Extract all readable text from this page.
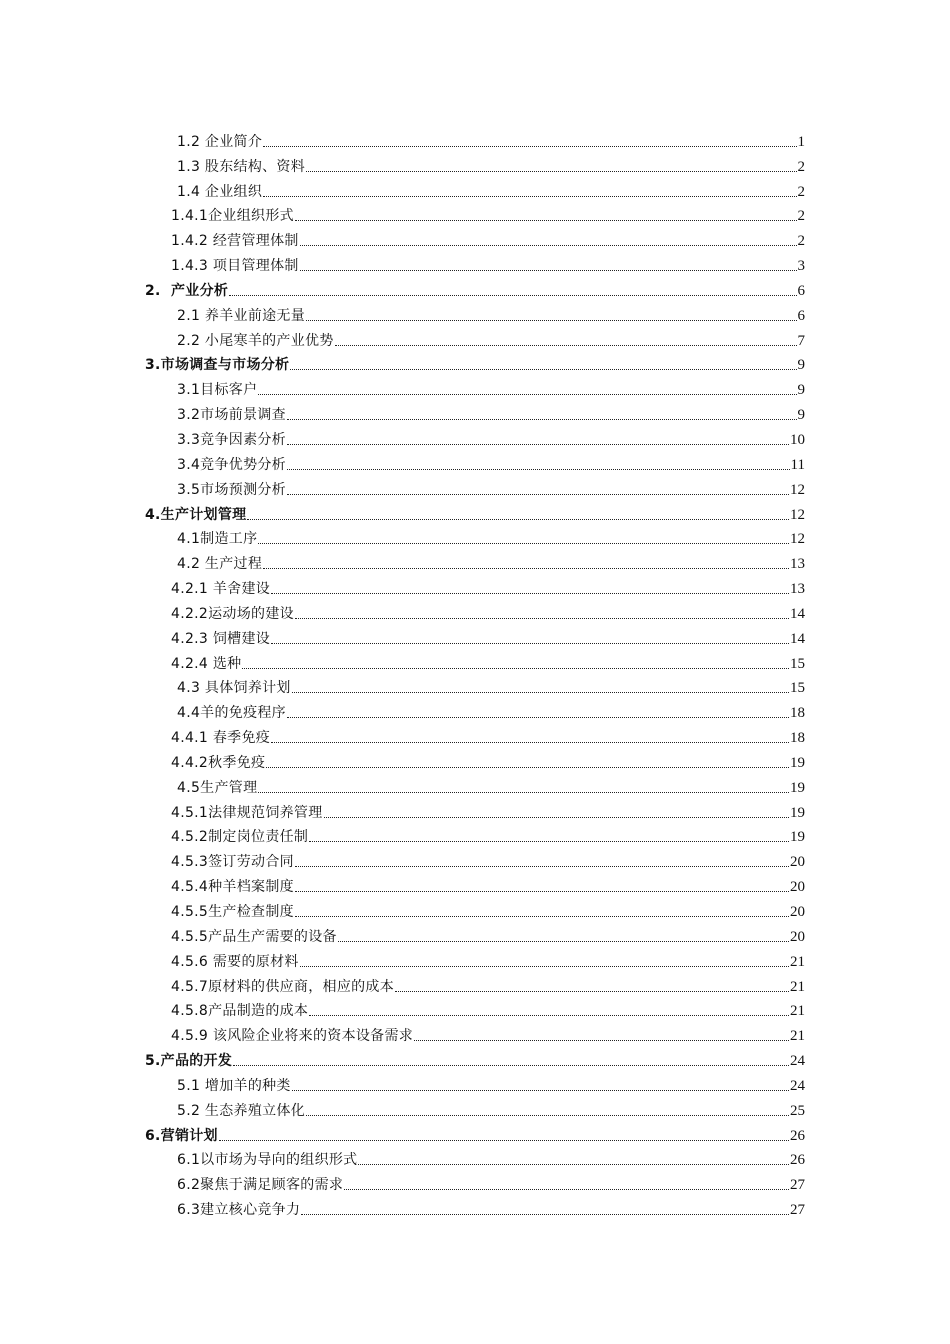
1.2 企业简介	1
1.3 股东结构、资料	2
1.4 企业组织	2
1.4.1企业组织形式	2
1.4.2 经营管理体制	2
1.4.3 项目管理体制	3
2.  产业分析	6
2.1 养羊业前途无量	6
2.2 小尾寒羊的产业优势	7
3.市场调查与市场分析	9
3.1目标客户	9
3.2市场前景调查	9
3.3竞争因素分析	10
3.4竞争优势分析	11
3.5市场预测分析	12
4.生产计划管理	12
4.1制造工序	12
4.2 生产过程	13
4.2.1 羊舍建设	13
4.2.2运动场的建设	14
4.2.3 饲槽建设	14
4.2.4 选种	15
4.3 具体饲养计划	15
4.4羊的免疫程序	18
4.4.1 春季免疫	18
4.4.2秋季免疫	19
4.5生产管理	19
4.5.1法律规范饲养管理	19
4.5.2制定岗位责任制	19
4.5.3签订劳动合同	20
4.5.4种羊档案制度	20
4.5.5生产检查制度	20
4.5.5产品生产需要的设备	20
4.5.6 需要的原材料	21
4.5.7原材料的供应商，相应的成本	21
4.5.8产品制造的成本	21
4.5.9 该风险企业将来的资本设备需求	21
5.产品的开发	24
5.1 增加羊的种类	24
5.2 生态养殖立体化	25
6.营销计划	26
6.1以市场为导向的组织形式	26
6.2聚焦于满足顾客的需求	27
6.3建立核心竞争力	27
